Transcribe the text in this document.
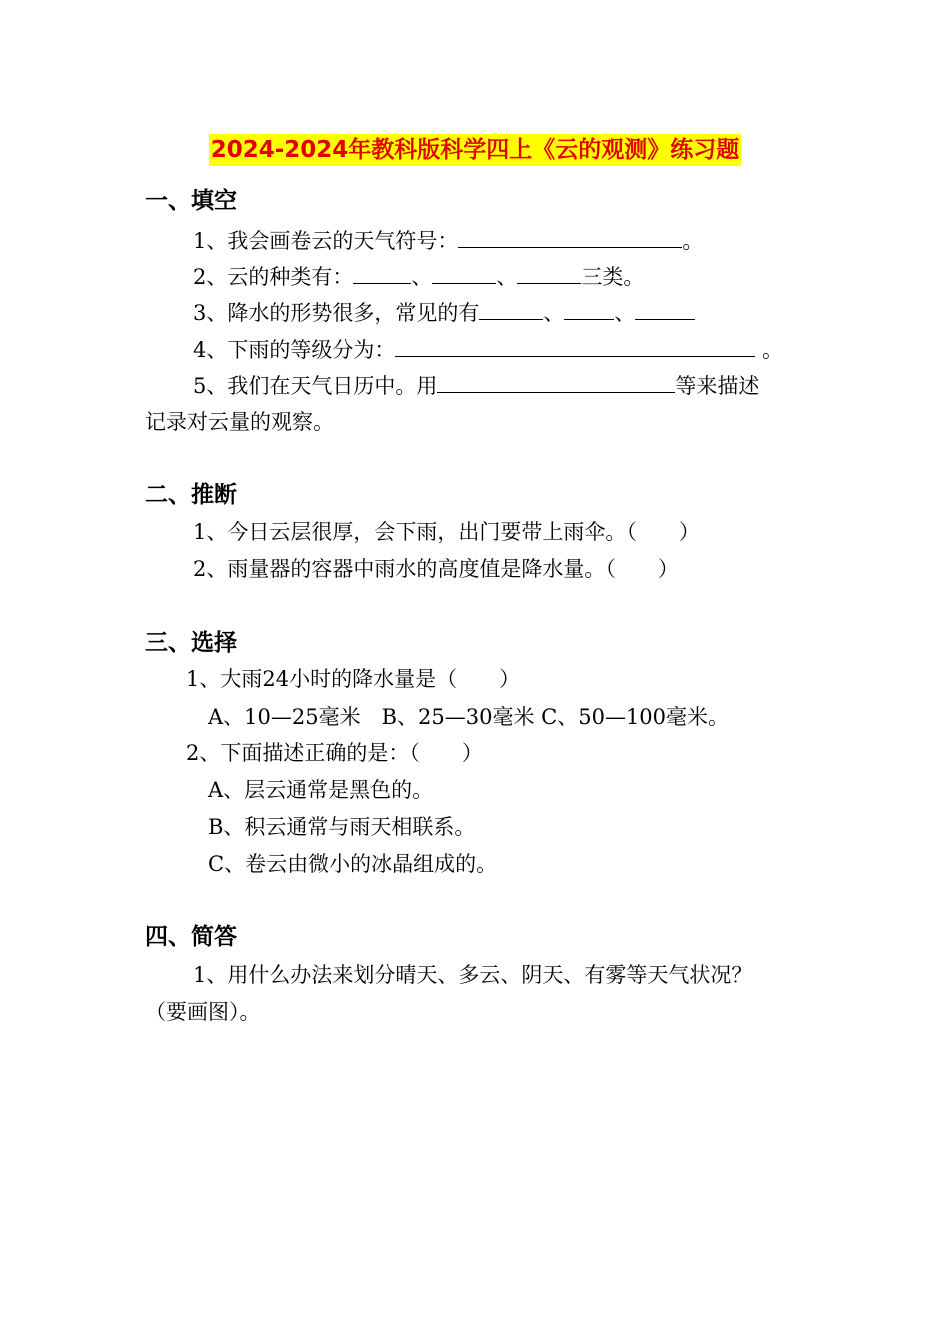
2024-2024年教科版科学四上《云的观测》练习题
一、填空
1、我会画卷云的天气符号：	。
2、云的种类有：	、	、	三类。
3、降水的形势很多，常见的有	、 、
4、下雨的等级分为：	。
5、我们在天气日历中。用	等来描述
记录对云量的观察。
二、推断
1、今日云层很厚，会下雨，出门要带上雨伞。（　　）
2、雨量器的容器中雨水的高度值是降水量。（　　）
三、选择
1、大雨24小时的降水量是（　　）
A、10—25毫米　B、25—30毫米 C、50—100毫米。
2、下面描述正确的是：（　　）
A、层云通常是黑色的。
B、积云通常与雨天相联系。
C、卷云由微小的冰晶组成的。
四、简答
1、用什么办法来划分晴天、多云、阴天、有雾等天气状况？
（要画图）。
